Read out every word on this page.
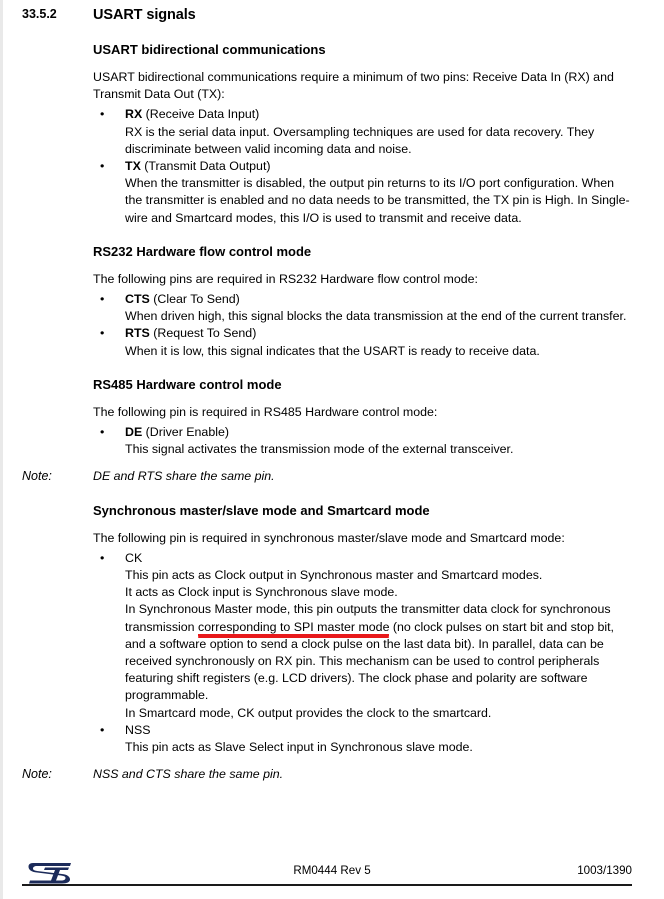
33.5.2	USART signals
USART bidirectional communications

USART bidirectional communications require a minimum of two pins: Receive Data In (RX) and Transmit Data Out (TX):

• RX (Receive Data Input)
RX is the serial data input. Oversampling techniques are used for data recovery. They discriminate between valid incoming data and noise.
• TX (Transmit Data Output)
When the transmitter is disabled, the output pin returns to its I/O port configuration. When the transmitter is enabled and no data needs to be transmitted, the TX pin is High. In Single-wire and Smartcard modes, this I/O is used to transmit and receive data.
RS232 Hardware flow control mode

The following pins are required in RS232 Hardware flow control mode:

• CTS (Clear To Send)
When driven high, this signal blocks the data transmission at the end of the current transfer.
• RTS (Request To Send)
When it is low, this signal indicates that the USART is ready to receive data.
RS485 Hardware control mode

The following pin is required in RS485 Hardware control mode:

• DE (Driver Enable)
This signal activates the transmission mode of the external transceiver.
Note:	DE and RTS share the same pin.

Synchronous master/slave mode and Smartcard mode

The following pin is required in synchronous master/slave mode and Smartcard mode:

• CK
This pin acts as Clock output in Synchronous master and Smartcard modes.
It acts as Clock input is Synchronous slave mode.
In Synchronous Master mode, this pin outputs the transmitter data clock for synchronous transmission corresponding to SPI master mode (no clock pulses on start bit and stop bit, and a software option to send a clock pulse on the last data bit). In parallel, data can be received synchronously on RX pin. This mechanism can be used to control peripherals featuring shift registers (e.g. LCD drivers). The clock phase and polarity are software programmable.
In Smartcard mode, CK output provides the clock to the smartcard.
• NSS
This pin acts as Slave Select input in Synchronous slave mode.
Note:	NSS and CTS share the same pin.

RM0444 Rev 5	1003/1390
